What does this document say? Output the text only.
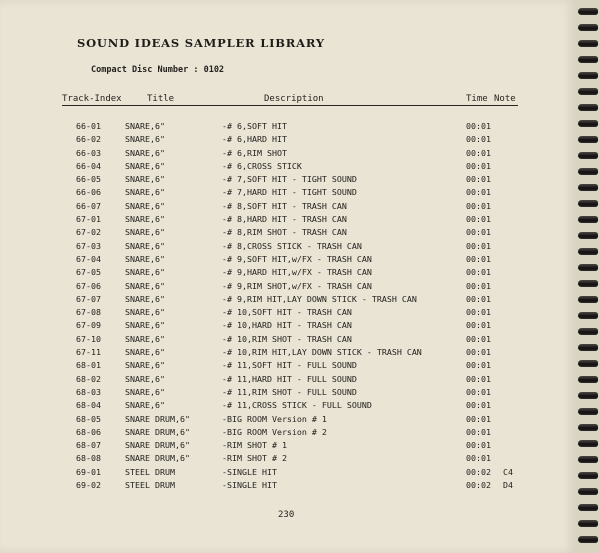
SOUND IDEAS SAMPLER LIBRARY
Compact Disc Number : 0102
Track-Index	Title	Description	Time Note
66-01	SNARE,6"	-# 6,SOFT HIT	00:01
66-02	SNARE,6"	-# 6,HARD HIT	00:01
66-03	SNARE,6"	-# 6,RIM SHOT	00:01
66-04	SNARE,6"	-# 6,CROSS STICK	00:01
66-05	SNARE,6"	-# 7,SOFT HIT - TIGHT SOUND	00:01
66-06	SNARE,6"	-# 7,HARD HIT - TIGHT SOUND	00:01
66-07	SNARE,6"	-# 8,SOFT HIT - TRASH CAN	00:01
67-01	SNARE,6"	-# 8,HARD HIT - TRASH CAN	00:01
67-02	SNARE,6"	-# 8,RIM SHOT - TRASH CAN	00:01
67-03	SNARE,6"	-# 8,CROSS STICK - TRASH CAN	00:01
67-04	SNARE,6"	-# 9,SOFT HIT,w/FX - TRASH CAN	00:01
67-05	SNARE,6"	-# 9,HARD HIT,w/FX - TRASH CAN	00:01
67-06	SNARE,6"	-# 9,RIM SHOT,w/FX - TRASH CAN	00:01
67-07	SNARE,6"	-# 9,RIM HIT,LAY DOWN STICK - TRASH CAN	00:01
67-08	SNARE,6"	-# 10,SOFT HIT - TRASH CAN	00:01
67-09	SNARE,6"	-# 10,HARD HIT - TRASH CAN	00:01
67-10	SNARE,6"	-# 10,RIM SHOT - TRASH CAN	00:01
67-11	SNARE,6"	-# 10,RIM HIT,LAY DOWN STICK - TRASH CAN	00:01
68-01	SNARE,6"	-# 11,SOFT HIT - FULL SOUND	00:01
68-02	SNARE,6"	-# 11,HARD HIT - FULL SOUND	00:01
68-03	SNARE,6"	-# 11,RIM SHOT - FULL SOUND	00:01
68-04	SNARE,6"	-# 11,CROSS STICK - FULL SOUND	00:01
68-05	SNARE DRUM,6"	-BIG ROOM Version # 1	00:01
68-06	SNARE DRUM,6"	-BIG ROOM Version # 2	00:01
68-07	SNARE DRUM,6"	-RIM SHOT # 1	00:01
68-08	SNARE DRUM,6"	-RIM SHOT # 2	00:01
69-01	STEEL DRUM	-SINGLE HIT	00:02 C4
69-02	STEEL DRUM	-SINGLE HIT	00:02 D4
230
